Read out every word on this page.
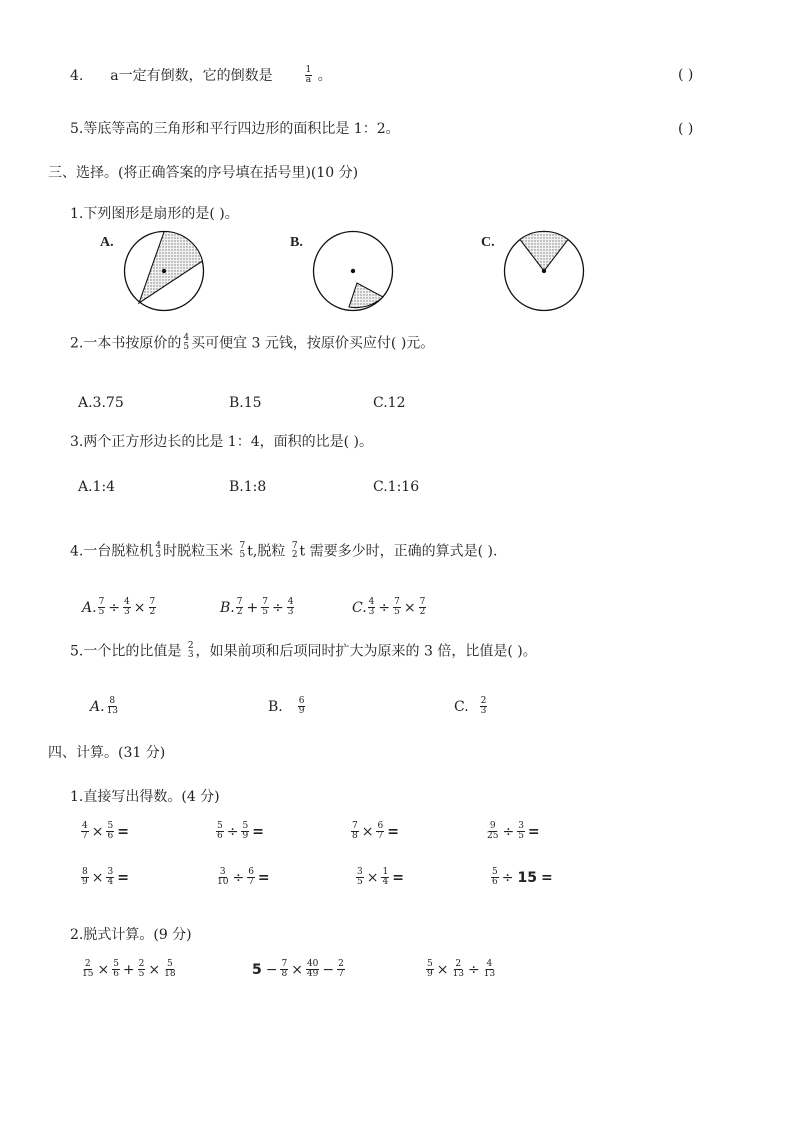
4. a一定有倒数，它的倒数是	$\frac{1}{a}$ 。	( )
5.等底等高的三角形和平行四边形的面积比是 1：2。	( )
三、选择。(将正确答案的序号填在括号里)(10 分)
1.下列图形是扇形的是( )。
A.	B.	C.
2.一本书按原价的 4
5 买可便宜 3 元钱，按原价买应付( )元。
A.3.75	B.15	C.12
3.两个正方形边长的比是 1：4，面积的比是( )。
A.1:4	B.1:8	C.1:16
4.一台脱粒机 4
3 时脱粒玉米 7
5 t,脱粒 7
2 t 需要多少时，正确的算式是( ).
A. $\frac{7}{5} \div \frac{4}{3} \times \frac{7}{2}$	B. $\frac{7}{2} + \frac{7}{5} \div \frac{4}{3}$	C. $\frac{4}{3} \div \frac{7}{5} \times \frac{7}{2}$
5.一个比的比值是 2
3 ，如果前项和后项同时扩大为原来的 3 倍，比值是( )。
A. $\frac{8}{13}$	B. $\frac{6}{9}$	C. $\frac{2}{3}$
四、计算。(31 分)
1.直接写出得数。(4 分)
$\frac{4}{7} \times \frac{5}{6}$ =	$\frac{5}{6} \div \frac{5}{9}$ =	$\frac{7}{8} \times \frac{6}{7}$ =	$\frac{9}{25} \div \frac{3}{5}$ =
$\frac{8}{9} \times \frac{3}{4}$ =	$\frac{3}{10} \div \frac{6}{7}$ =	$\frac{3}{5} \times \frac{1}{4}$ =	$\frac{5}{6} \div 15$ =
2.脱式计算。(9 分)
$\frac{2}{15} \times \frac{5}{6} + \frac{2}{5} \times \frac{5}{18}$	$5 - \frac{7}{8} \times \frac{40}{49} - \frac{2}{7}$	$\frac{5}{9} \times \frac{2}{13} \div \frac{4}{13}$
